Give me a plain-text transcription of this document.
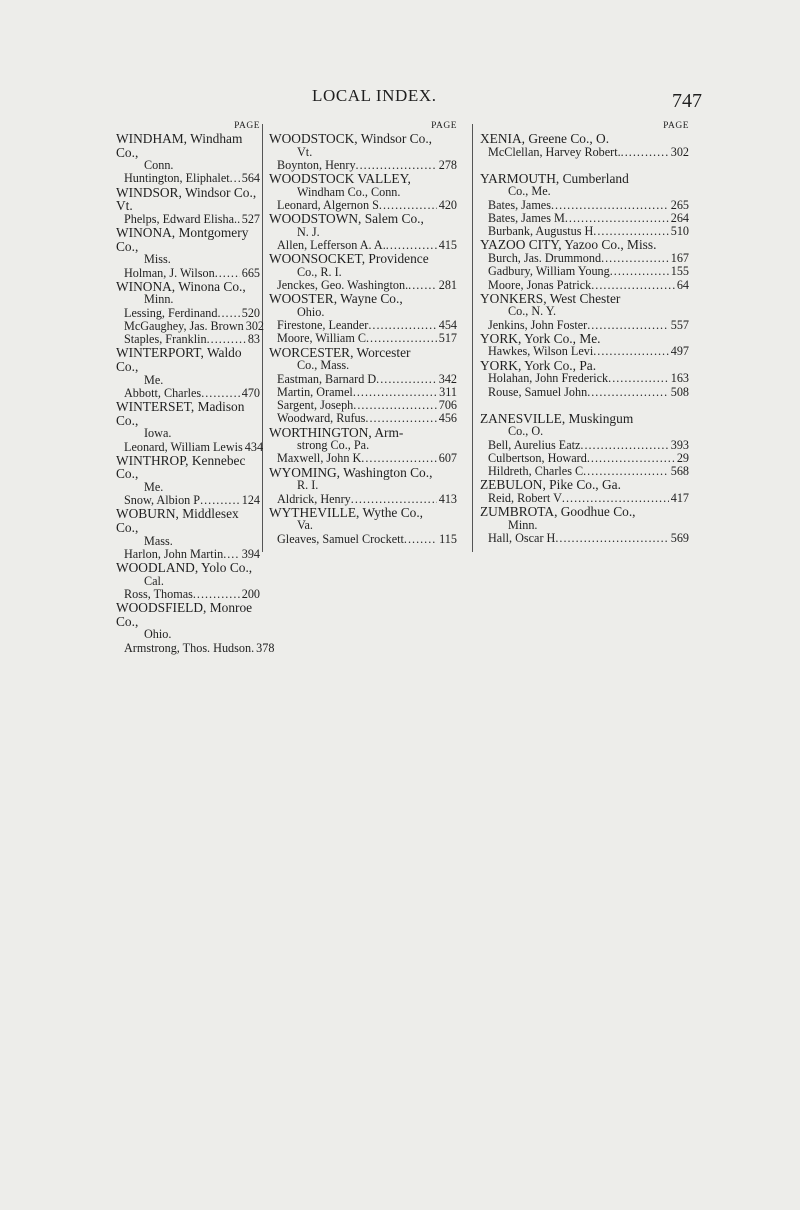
LOCAL INDEX.	747
PAGE
WINDHAM, Windham Co.,
Conn.
Huntington, Eliphalet ..... 564
WINDSOR, Windsor Co., Vt.
Phelps, Edward Elisha. ..... 527
WINONA, Montgomery Co.,
Miss.
Holman, J. Wilson ..... 665
WINONA, Winona Co.,
Minn.
Lessing, Ferdinand ..... 520
McGaughey, Jas. Brown 302
Staples, Franklin .....	83
WINTERPORT, Waldo Co.,
Me.
Abbott, Charles .....	470
WINTERSET, Madison Co.,
Iowa.
Leonard, William Lewis 434
WINTHROP, Kennebec Co.,
Me.
Snow, Albion P .....	124
WOBURN, Middlesex Co.,
Mass.
Harlon, John Martin ..... 394
WOODLAND, Yolo Co.,
Cal.
Ross, Thomas .....	200
WOODSFIELD, Monroe Co.,
Ohio.
Armstrong, Thos. Hudson. 378
PAGE
WOODSTOCK, Windsor Co.,
Vt.
Boynton, Henry .....	278
WOODSTOCK VALLEY,
Windham Co., Conn.
Leonard, Algernon S .....	420
WOODSTOWN, Salem Co.,
N. J.
Allen, Lefferson A. A. .....	415
WOONSOCKET, Providence
Co., R. I.
Jenckes, Geo. Washington. .....	281
WOOSTER, Wayne Co.,
Ohio.
Firestone, Leander .....	454
Moore, William C .....	517
WORCESTER, Worcester
Co., Mass.
Eastman, Barnard D .....	342
Martin, Oramel .....	311
Sargent, Joseph .....	706
Woodward, Rufus .....	456
WORTHINGTON, Arm-
strong Co., Pa.
Maxwell, John K .....	607
WYOMING, Washington Co.,
R. I.
Aldrick, Henry .....	413
WYTHEVILLE, Wythe Co.,
Va.
Gleaves, Samuel Crockett .....	115
PAGE
XENIA, Greene Co., O.
McClellan, Harvey Robert. .....	302
YARMOUTH, Cumberland
Co., Me.
Bates, James .....	265
Bates, James M .....	264
Burbank, Augustus H .....	510
YAZOO CITY, Yazoo Co., Miss.
Burch, Jas. Drummond .....	167
Gadbury, William Young .....	155
Moore, Jonas Patrick .....	64
YONKERS, West Chester
Co., N. Y.
Jenkins, John Foster .....	557
YORK, York Co., Me.
Hawkes, Wilson Levi .....	497
YORK, York Co., Pa.
Holahan, John Frederick .....	163
Rouse, Samuel John .....	508
ZANESVILLE, Muskingum
Co., O.
Bell, Aurelius Eatz .....	393
Culbertson, Howard .....	29
Hildreth, Charles C .....	568
ZEBULON, Pike Co., Ga.
Reid, Robert V .....	417
ZUMBROTA, Goodhue Co.,
Minn.
Hall, Oscar H .....	569
